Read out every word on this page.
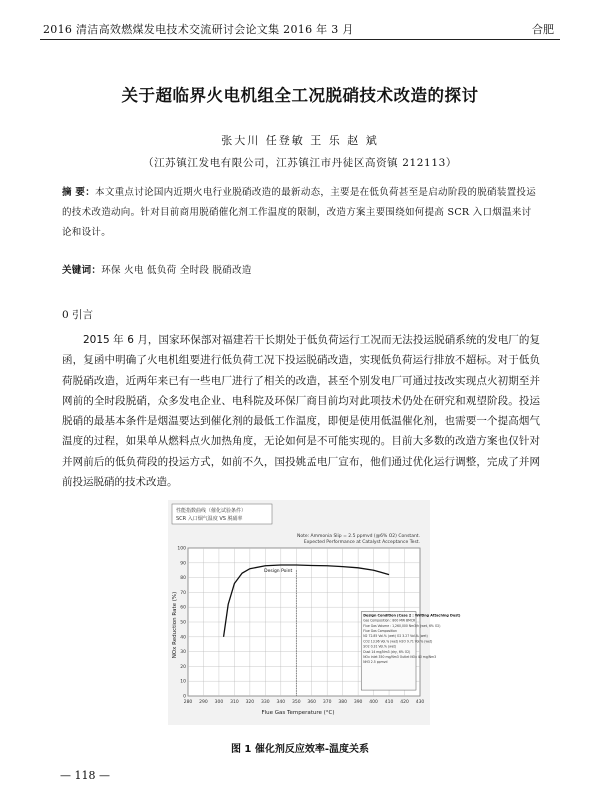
2016 清洁高效燃煤发电技术交流研讨会论文集 2016 年 3 月	合肥
关于超临界火电机组全工况脱硝技术改造的探讨
张大川 任登敏 王 乐 赵 斌
（江苏镇江发电有限公司，江苏镇江市丹徒区高资镇 212113）
摘 要：本文重点讨论国内近期火电行业脱硝改造的最新动态，主要是在低负荷甚至是启动阶段的脱硝装置投运的技术改造动向。针对目前商用脱硝催化剂工作温度的限制，改造方案主要围绕如何提高 SCR 入口烟温来讨论和设计。
关键词：环保 火电 低负荷 全时段 脱硝改造
0 引言

2015 年 6 月，国家环保部对福建若干长期处于低负荷运行工况而无法投运脱硝系统的发电厂的复函，复函中明确了火电机组要进行低负荷工况下投运脱硝改造，实现低负荷运行排放不超标。对于低负荷脱硝改造，近两年来已有一些电厂进行了相关的改造，甚至个别发电厂可通过技改实现点火初期至并网前的全时段脱硝，众多发电企业、电科院及环保厂商目前均对此项技术仍处在研究和观望阶段。投运脱硝的最基本条件是烟温要达到催化剂的最低工作温度，即便是使用低温催化剂，也需要一个提高烟气温度的过程，如果单从燃料点火加热角度，无论如何是不可能实现的。目前大多数的改造方案也仅针对并网前后的低负荷段的投运方式，如前不久，国投姚孟电厂宣布，他们通过优化运行调整，完成了并网前投运脱硝的技术改造。

性能指数曲线（催化试验条件）
SCR 入口烟气温度 VS 脱硝率
Note: Ammonia Slip = 2.5 ppmvd (@6% O2) Constant.
Expected Performance at Catalyst Acceptance Test.
0
10
20
30
40
50
60
70
80
90
100
280 290 300 310 320 330 340 350 360 370 380 390 400 410 420 430
Design Point
Design Condition (Case 2 : Writing Attaching Dust)
Gas Composition : 800 MW BMCR
Flue Gas Volume : 1,260,000 Nm3/h (wet, 6% O2)
Flue Gas Composition
N2 72.85 Vol.% (wet) O2 3.27 Vol.% (wet)
CO2 13.96 Vol.% (wet) H2O 9.71 Vol.% (wet)
SO2 0.31 Vol.% (wet)
Dust 14 mg/Nm3 (dry, 6% O2)
NOx inlet 350 mg/Nm3 Outlet NOx 40 mg/Nm3
NH3 2.5 ppmvd
Flue Gas Temperature (°C)
NOx Reduction Rate (%)
图 1 催化剂反应效率-温度关系
— 118 —
